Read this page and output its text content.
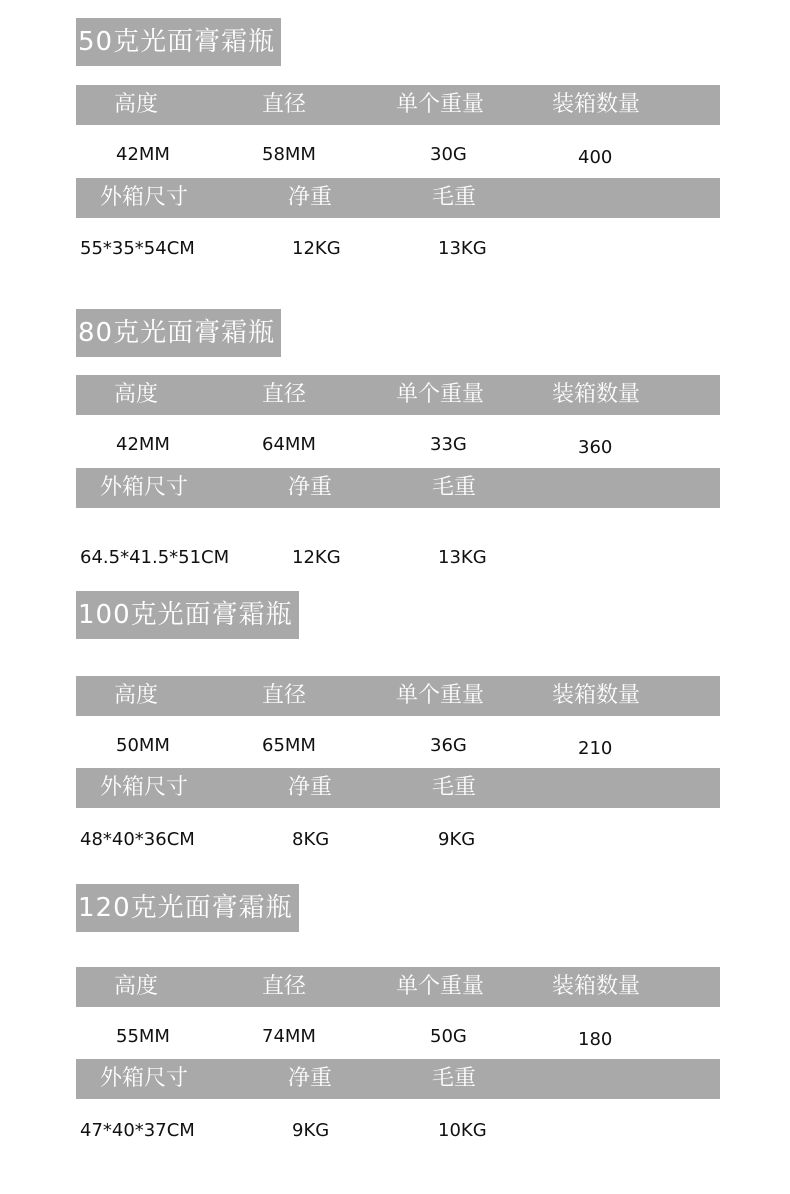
50克光面膏霜瓶
高度	直径	单个重量	装箱数量
42MM	58MM	30G	400
外箱尺寸	净重	毛重
55*35*54CM	12KG	13KG
80克光面膏霜瓶
高度	直径	单个重量	装箱数量
42MM	64MM	33G	360
外箱尺寸	净重	毛重
64.5*41.5*51CM	12KG	13KG
100克光面膏霜瓶
高度	直径	单个重量	装箱数量
50MM	65MM	36G	210
外箱尺寸	净重	毛重
48*40*36CM	8KG	9KG
120克光面膏霜瓶
高度	直径	单个重量	装箱数量
55MM	74MM	50G	180
外箱尺寸	净重	毛重
47*40*37CM	9KG	10KG
